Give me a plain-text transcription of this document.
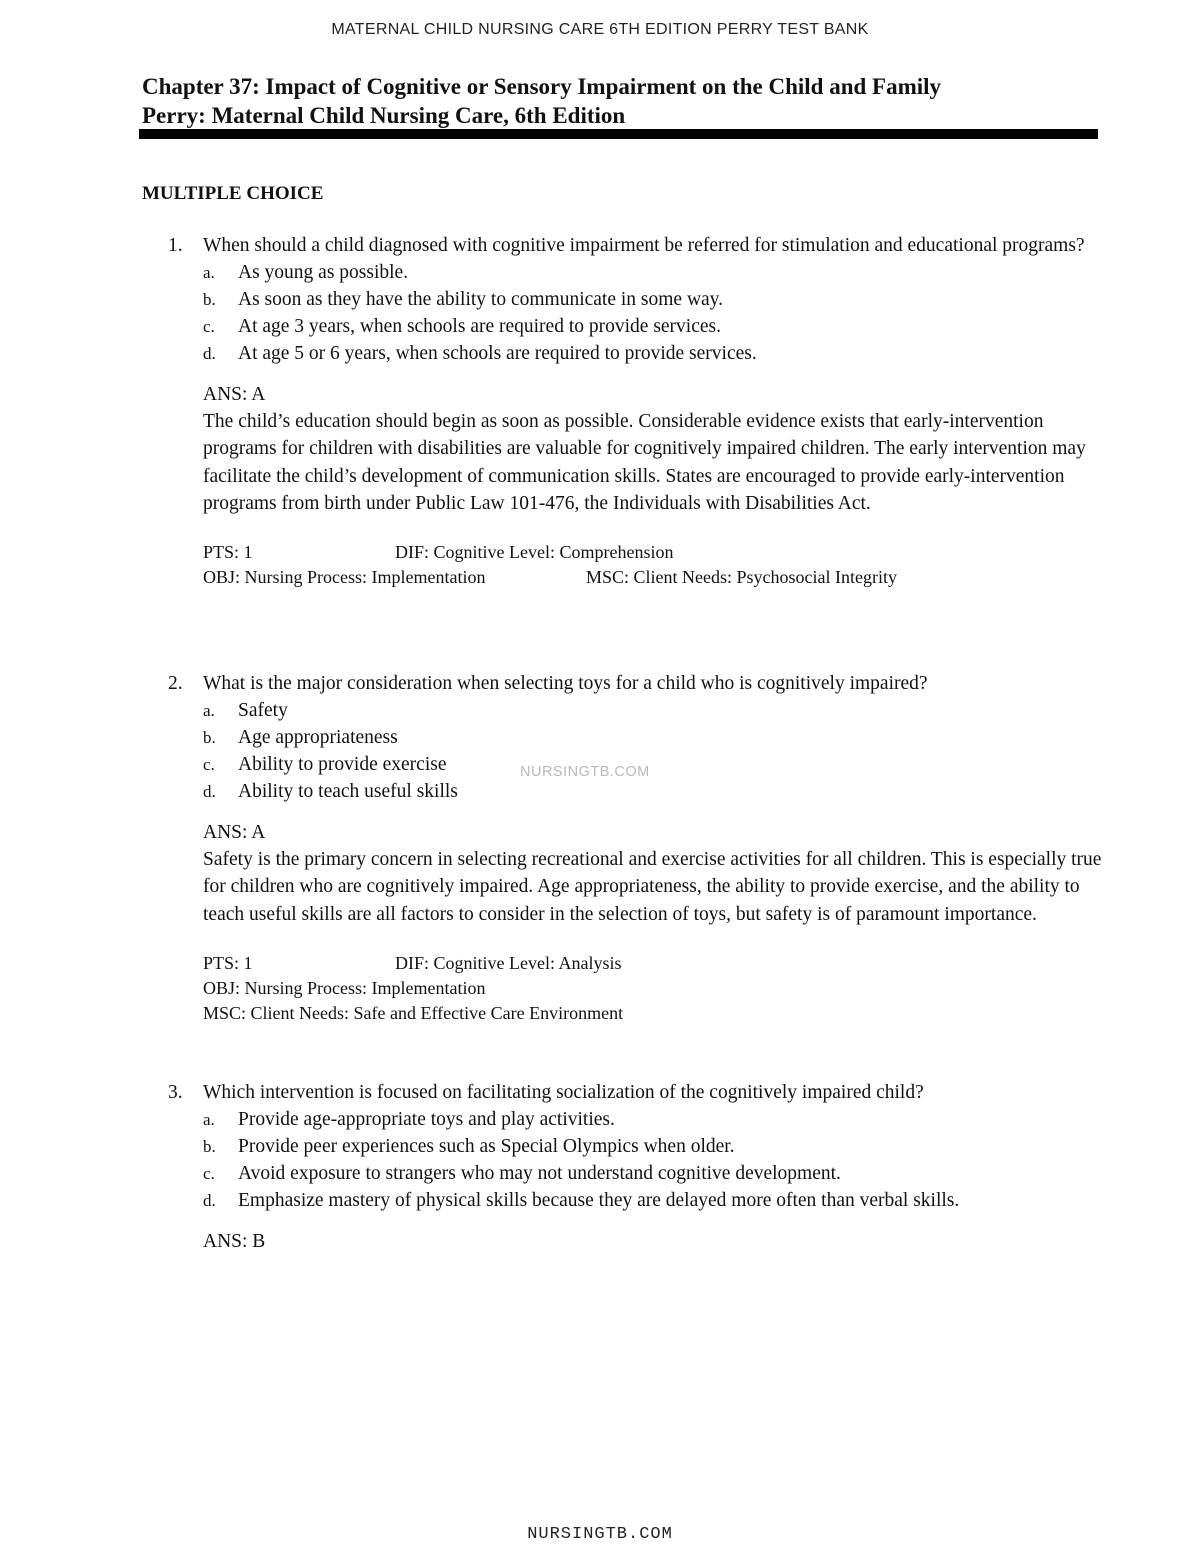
MATERNAL CHILD NURSING CARE 6TH EDITION PERRY TEST BANK
Chapter 37: Impact of Cognitive or Sensory Impairment on the Child and Family
Perry: Maternal Child Nursing Care, 6th Edition
MULTIPLE CHOICE
1.	When should a child diagnosed with cognitive impairment be referred for stimulation and educational programs?
a. As young as possible.
b. As soon as they have the ability to communicate in some way.
c. At age 3 years, when schools are required to provide services.
d. At age 5 or 6 years, when schools are required to provide services.
ANS: A
The child’s education should begin as soon as possible. Considerable evidence exists that early-intervention programs for children with disabilities are valuable for cognitively impaired children. The early intervention may facilitate the child’s development of communication skills. States are encouraged to provide early-intervention programs from birth under Public Law 101-476, the Individuals with Disabilities Act.
PTS: 1	DIF: Cognitive Level: Comprehension
OBJ: Nursing Process: Implementation	MSC: Client Needs: Psychosocial Integrity
2.	What is the major consideration when selecting toys for a child who is cognitively impaired?
a. Safety
b. Age appropriateness
c. Ability to provide exercise
d. Ability to teach useful skills
ANS: A
Safety is the primary concern in selecting recreational and exercise activities for all children. This is especially true for children who are cognitively impaired. Age appropriateness, the ability to provide exercise, and the ability to teach useful skills are all factors to consider in the selection of toys, but safety is of paramount importance.
PTS: 1	DIF: Cognitive Level: Analysis
OBJ: Nursing Process: Implementation
MSC: Client Needs: Safe and Effective Care Environment
3.	Which intervention is focused on facilitating socialization of the cognitively impaired child?
a. Provide age-appropriate toys and play activities.
b. Provide peer experiences such as Special Olympics when older.
c. Avoid exposure to strangers who may not understand cognitive development.
d. Emphasize mastery of physical skills because they are delayed more often than verbal skills.
ANS: B
NURSINGTB.COM
NURSINGTB.COM
